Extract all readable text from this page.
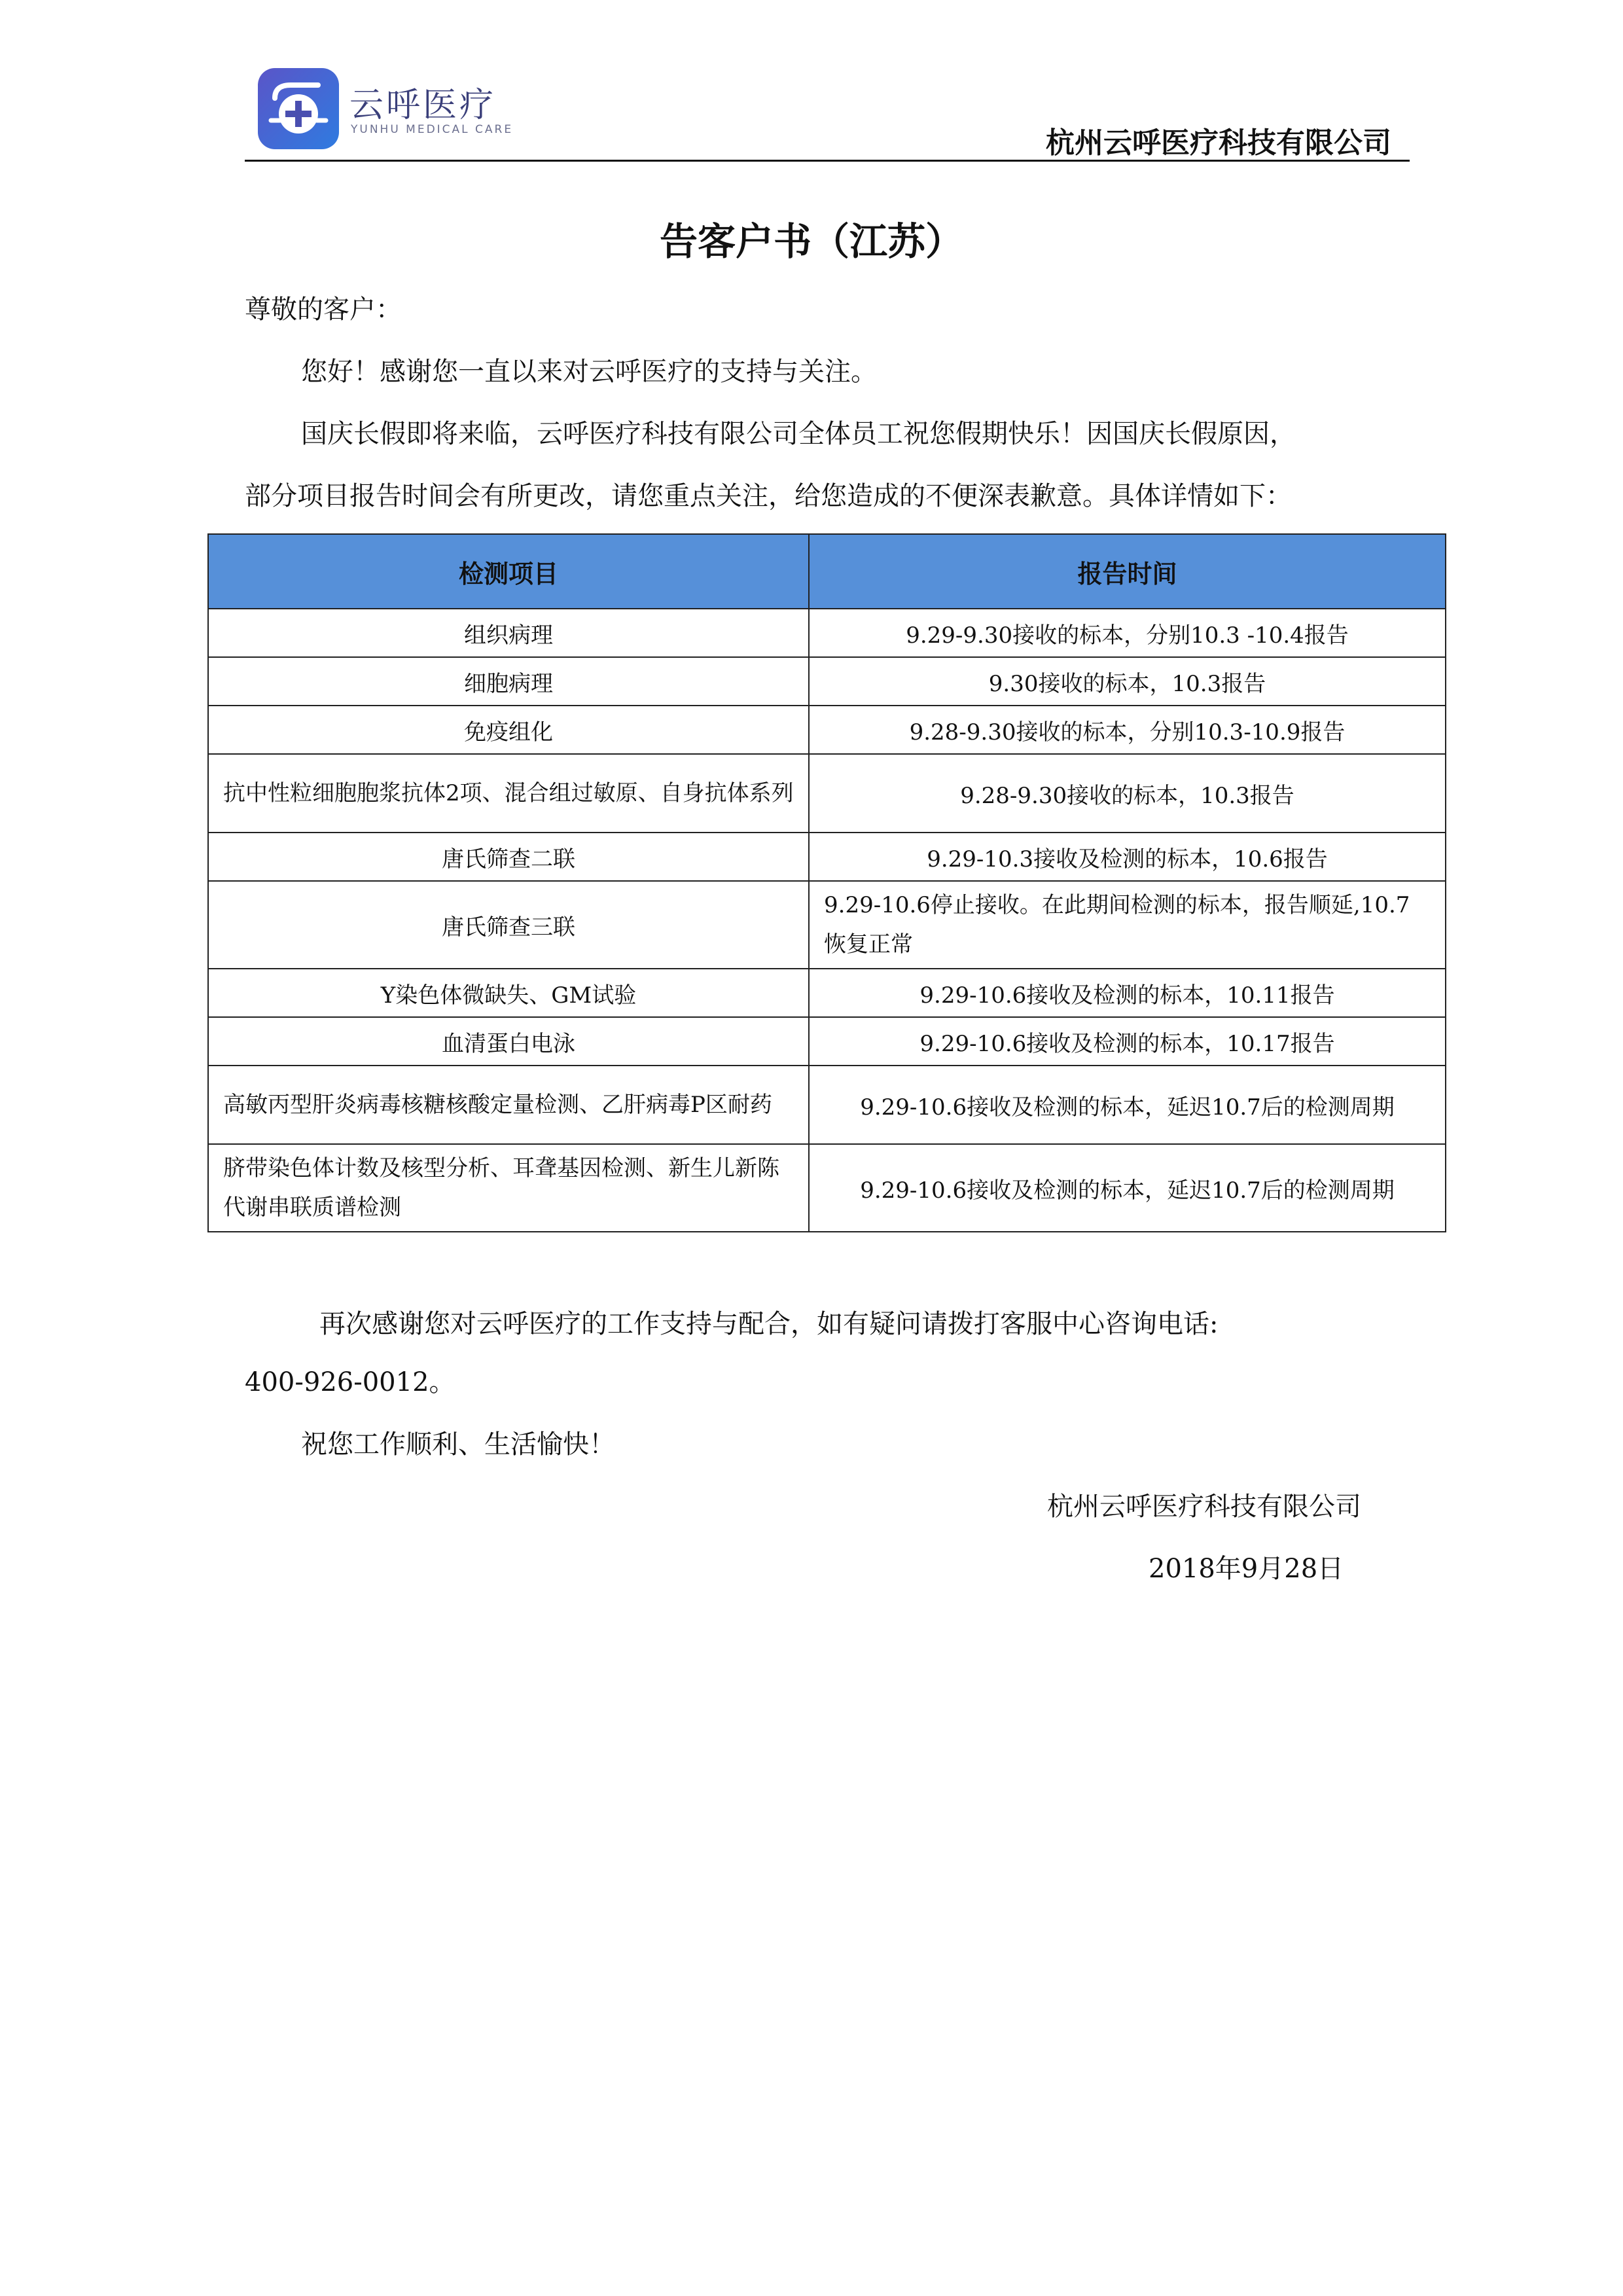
云呼医疗
YUNHU MEDICAL CARE	杭州云呼医疗科技有限公司
告客户书（江苏）
尊敬的客户：
您好！感谢您一直以来对云呼医疗的支持与关注。
国庆长假即将来临，云呼医疗科技有限公司全体员工祝您假期快乐！因国庆长假原因，
部分项目报告时间会有所更改，请您重点关注，给您造成的不便深表歉意。具体详情如下：
检测项目	报告时间
组织病理	9.29-9.30接收的标本，分别10.3 -10.4报告
细胞病理	9.30接收的标本，10.3报告
免疫组化	9.28-9.30接收的标本，分别10.3-10.9报告
抗中性粒细胞胞浆抗体2项、混合组过敏原、自身抗体系列	9.28-9.30接收的标本，10.3报告
唐氏筛查二联	9.29-10.3接收及检测的标本，10.6报告
唐氏筛查三联	9.29-10.6停止接收。在此期间检测的标本，报告顺延,10.7恢复正常
Y染色体微缺失、GM试验	9.29-10.6接收及检测的标本，10.11报告
血清蛋白电泳	9.29-10.6接收及检测的标本，10.17报告
高敏丙型肝炎病毒核糖核酸定量检测、乙肝病毒P区耐药	9.29-10.6接收及检测的标本，延迟10.7后的检测周期
脐带染色体计数及核型分析、耳聋基因检测、新生儿新陈代谢串联质谱检测	9.29-10.6接收及检测的标本，延迟10.7后的检测周期
再次感谢您对云呼医疗的工作支持与配合，如有疑问请拨打客服中心咨询电话:
400-926-0012。
祝您工作顺利、生活愉快！
杭州云呼医疗科技有限公司
2018年9月28日
